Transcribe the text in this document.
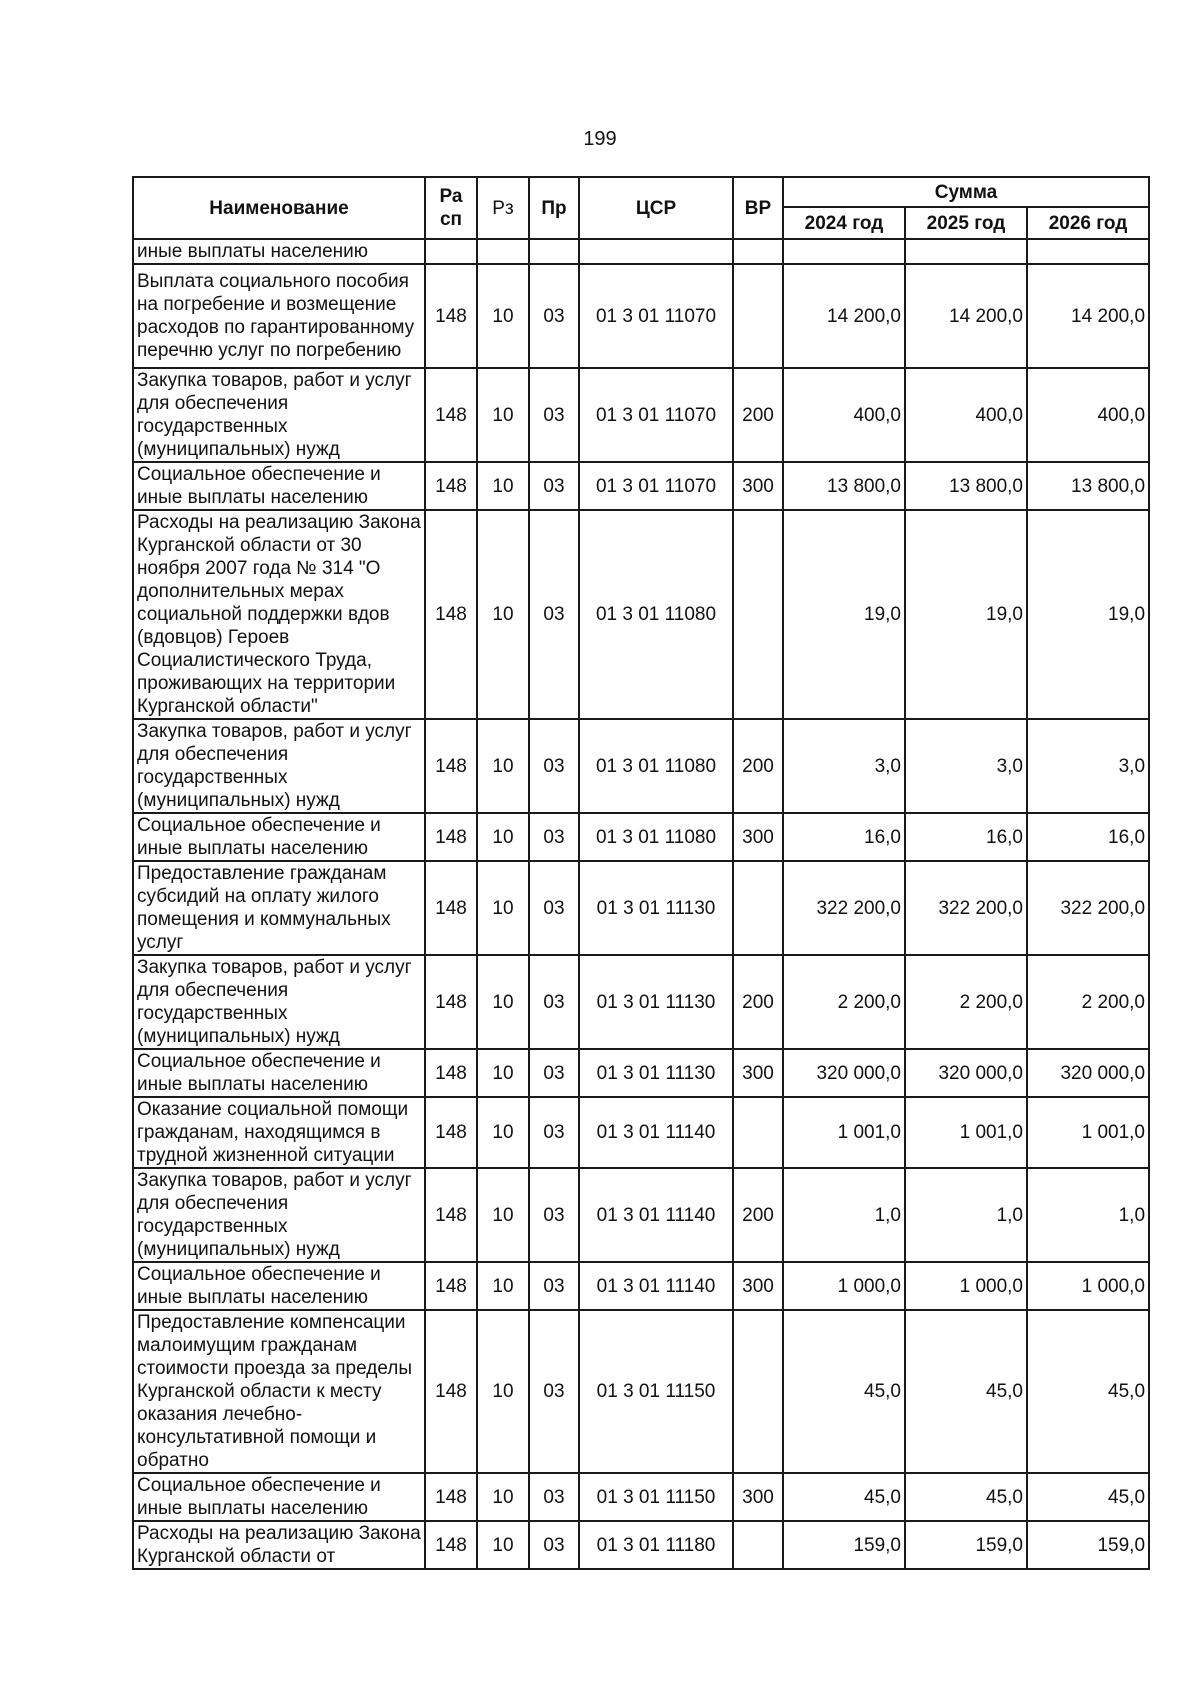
199
Наименование	Ра сп	Рз	Пр	ЦСР	ВР	Сумма		
						2024 год	2025 год	2026 год
иные выплаты населению								
Выплата социального пособия на погребение и возмещение расходов по гарантированному перечню услуг по погребению	148	10	03	01 3 01 11070		14 200,0	14 200,0	14 200,0
Закупка товаров, работ и услуг для обеспечения государственных (муниципальных) нужд	148	10	03	01 3 01 11070	200	400,0	400,0	400,0
Социальное обеспечение и иные выплаты населению	148	10	03	01 3 01 11070	300	13 800,0	13 800,0	13 800,0
Расходы на реализацию Закона Курганской области от 30 ноября 2007 года № 314 "О дополнительных мерах социальной поддержки вдов (вдовцов) Героев Социалистического Труда, проживающих на территории Курганской области"	148	10	03	01 3 01 11080		19,0	19,0	19,0
Закупка товаров, работ и услуг для обеспечения государственных (муниципальных) нужд	148	10	03	01 3 01 11080	200	3,0	3,0	3,0
Социальное обеспечение и иные выплаты населению	148	10	03	01 3 01 11080	300	16,0	16,0	16,0
Предоставление гражданам субсидий на оплату жилого помещения и коммунальных услуг	148	10	03	01 3 01 11130		322 200,0	322 200,0	322 200,0
Закупка товаров, работ и услуг для обеспечения государственных (муниципальных) нужд	148	10	03	01 3 01 11130	200	2 200,0	2 200,0	2 200,0
Социальное обеспечение и иные выплаты населению	148	10	03	01 3 01 11130	300	320 000,0	320 000,0	320 000,0
Оказание социальной помощи гражданам, находящимся в трудной жизненной ситуации	148	10	03	01 3 01 11140		1 001,0	1 001,0	1 001,0
Закупка товаров, работ и услуг для обеспечения государственных (муниципальных) нужд	148	10	03	01 3 01 11140	200	1,0	1,0	1,0
Социальное обеспечение и иные выплаты населению	148	10	03	01 3 01 11140	300	1 000,0	1 000,0	1 000,0
Предоставление компенсации малоимущим гражданам стоимости проезда за пределы Курганской области к месту оказания лечебно-консультативной помощи и обратно	148	10	03	01 3 01 11150		45,0	45,0	45,0
Социальное обеспечение и иные выплаты населению	148	10	03	01 3 01 11150	300	45,0	45,0	45,0
Расходы на реализацию Закона Курганской области от	148	10	03	01 3 01 11180		159,0	159,0	159,0
